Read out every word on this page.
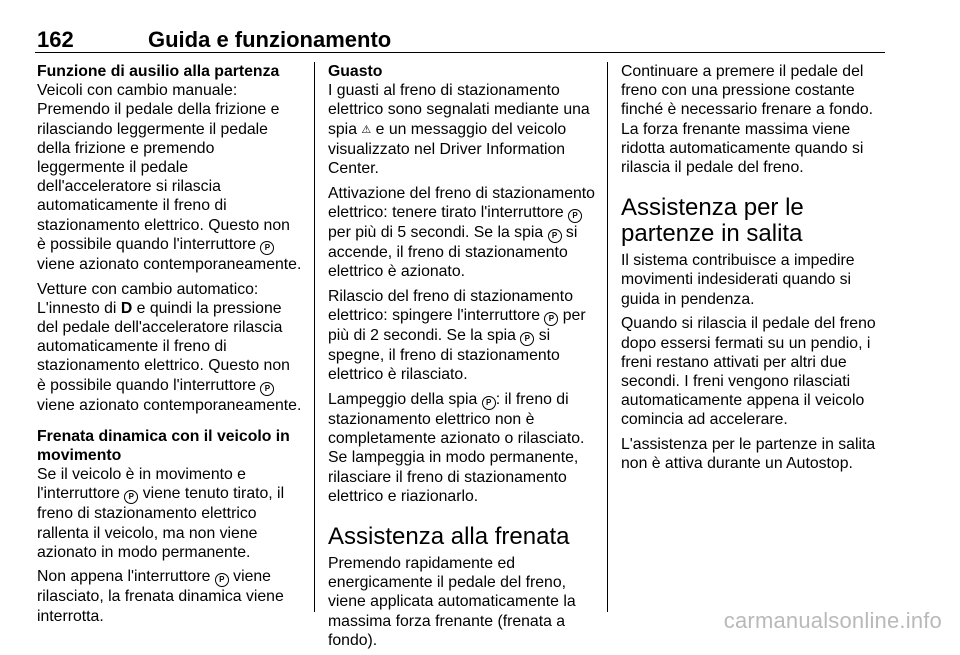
162	Guida e funzionamento

Funzione di ausilio alla partenza

Veicoli con cambio manuale:
Premendo il pedale della frizione e rilasciando leggermente il pedale della frizione e premendo leggermente il pedale dell'acceleratore si rilascia automaticamente il freno di stazionamento elettrico. Questo non è possibile quando l'interruttore P viene azionato contemporaneamente.

Vetture con cambio automatico: L'innesto di D e quindi la pressione del pedale dell'acceleratore rilascia automaticamente il freno di stazionamento elettrico. Questo non è possibile quando l'interruttore P viene azionato contemporaneamente.

Frenata dinamica con il veicolo in movimento

Se il veicolo è in movimento e l'interruttore P viene tenuto tirato, il freno di stazionamento elettrico rallenta il veicolo, ma non viene azionato in modo permanente.

Non appena l'interruttore P viene rilasciato, la frenata dinamica viene interrotta.

Guasto

I guasti al freno di stazionamento elettrico sono segnalati mediante una spia ⚠ e un messaggio del veicolo visualizzato nel Driver Information Center.

Attivazione del freno di stazionamento elettrico: tenere tirato l'interruttore P per più di 5 secondi. Se la spia P si accende, il freno di stazionamento elettrico è azionato.

Rilascio del freno di stazionamento elettrico: spingere l'interruttore P per più di 2 secondi. Se la spia P si spegne, il freno di stazionamento elettrico è rilasciato.

Lampeggio della spia P : il freno di stazionamento elettrico non è completamente azionato o rilasciato. Se lampeggia in modo permanente, rilasciare il freno di stazionamento elettrico e riazionarlo.

Assistenza alla frenata

Premendo rapidamente ed energicamente il pedale del freno, viene applicata automaticamente la massima forza frenante (frenata a fondo).

Continuare a premere il pedale del freno con una pressione costante finché è necessario frenare a fondo. La forza frenante massima viene ridotta automaticamente quando si rilascia il pedale del freno.

Assistenza per le partenze in salita

Il sistema contribuisce a impedire movimenti indesiderati quando si guida in pendenza.

Quando si rilascia il pedale del freno dopo essersi fermati su un pendio, i freni restano attivati per altri due secondi. I freni vengono rilasciati automaticamente appena il veicolo comincia ad accelerare.

L'assistenza per le partenze in salita non è attiva durante un Autostop.

carmanualsonline.info
